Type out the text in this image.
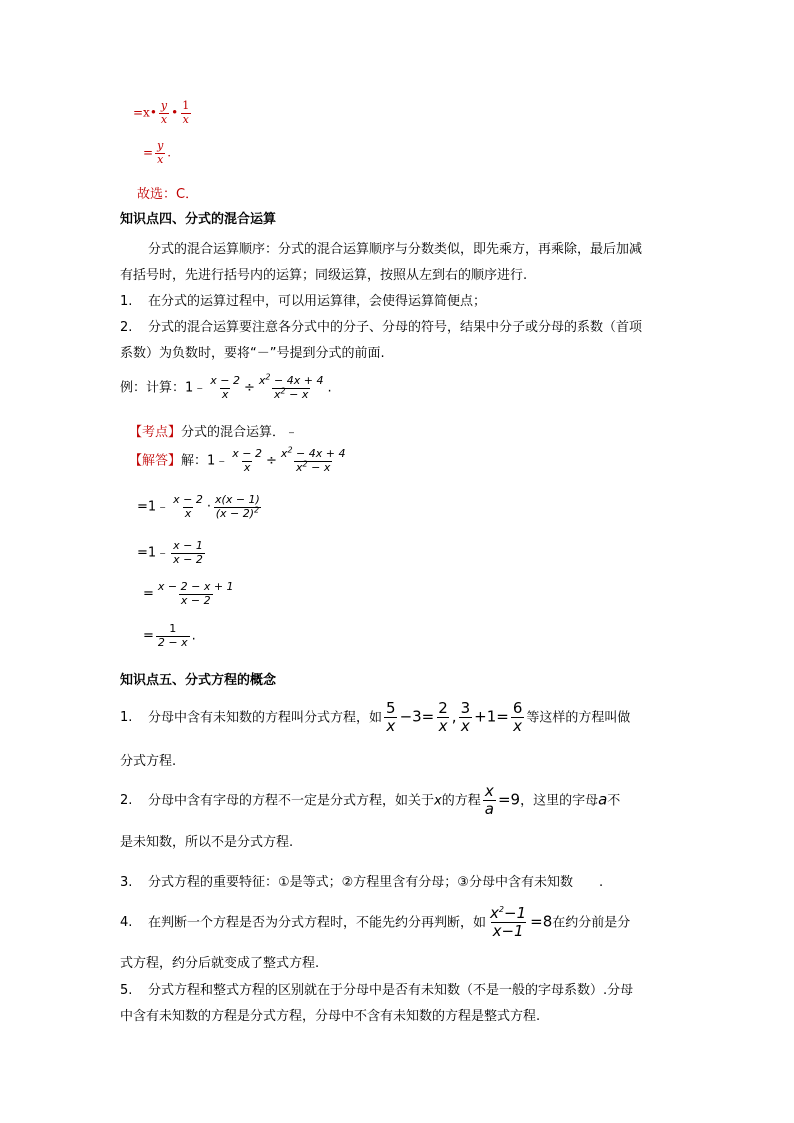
=x• $\frac{y}{x}$ • $\frac{1}{x}$
= $\frac{y}{x}$ .
故选：C．
知识点四、分式的混合运算
分式的混合运算顺序：分式的混合运算顺序与分数类似，即先乘方，再乘除，最后加减
有括号时，先进行括号内的运算；同级运算，按照从左到右的顺序进行.
1. 在分式的运算过程中，可以用运算律，会使得运算简便点；
2. 分式的混合运算要注意各分式中的分子、分母的符号，结果中分子或分母的系数（首项
系数）为负数时，要将“－”号提到分式的前面.
例：计算：1﹣ $\frac{x - 2}{x} \div \frac{x^2 - 4x + 4}{x^2 - x}$ .
【考点】分式的混合运算．﹣
【解答】解：1﹣ $\frac{x - 2}{x} \div \frac{x^2 - 4x + 4}{x^2 - x}$
=1﹣ $\frac{x - 2}{x} \cdot \frac{x(x - 1)}{(x - 2)^2}$
=1﹣ $\frac{x - 1}{x - 2}$
= $\frac{x - 2 - x + 1}{x - 2}$
= $\frac{1}{2 - x}$ .
知识点五、分式方程的概念
1. 分母中含有未知数的方程叫分式方程，如 $\frac{5}{x} -3= \frac{2}{x}$ , $\frac{3}{x} +1= \frac{6}{x}$ 等这样的方程叫做
分式方程.
2. 分母中含有字母的方程不一定是分式方程，如关于x的方程 $\frac{x}{a} =9$，这里的字母a不
是未知数，所以不是分式方程.
3. 分式方程的重要特征：①是等式；②方程里含有分母；③分母中含有未知数 .
4. 在判断一个方程是否为分式方程时，不能先约分再判断，如 $\frac{x^2-1}{x-1} =8$在约分前是分
式方程，约分后就变成了整式方程.
5. 分式方程和整式方程的区别就在于分母中是否有未知数（不是一般的字母系数）.分母
中含有未知数的方程是分式方程，分母中不含有未知数的方程是整式方程.
